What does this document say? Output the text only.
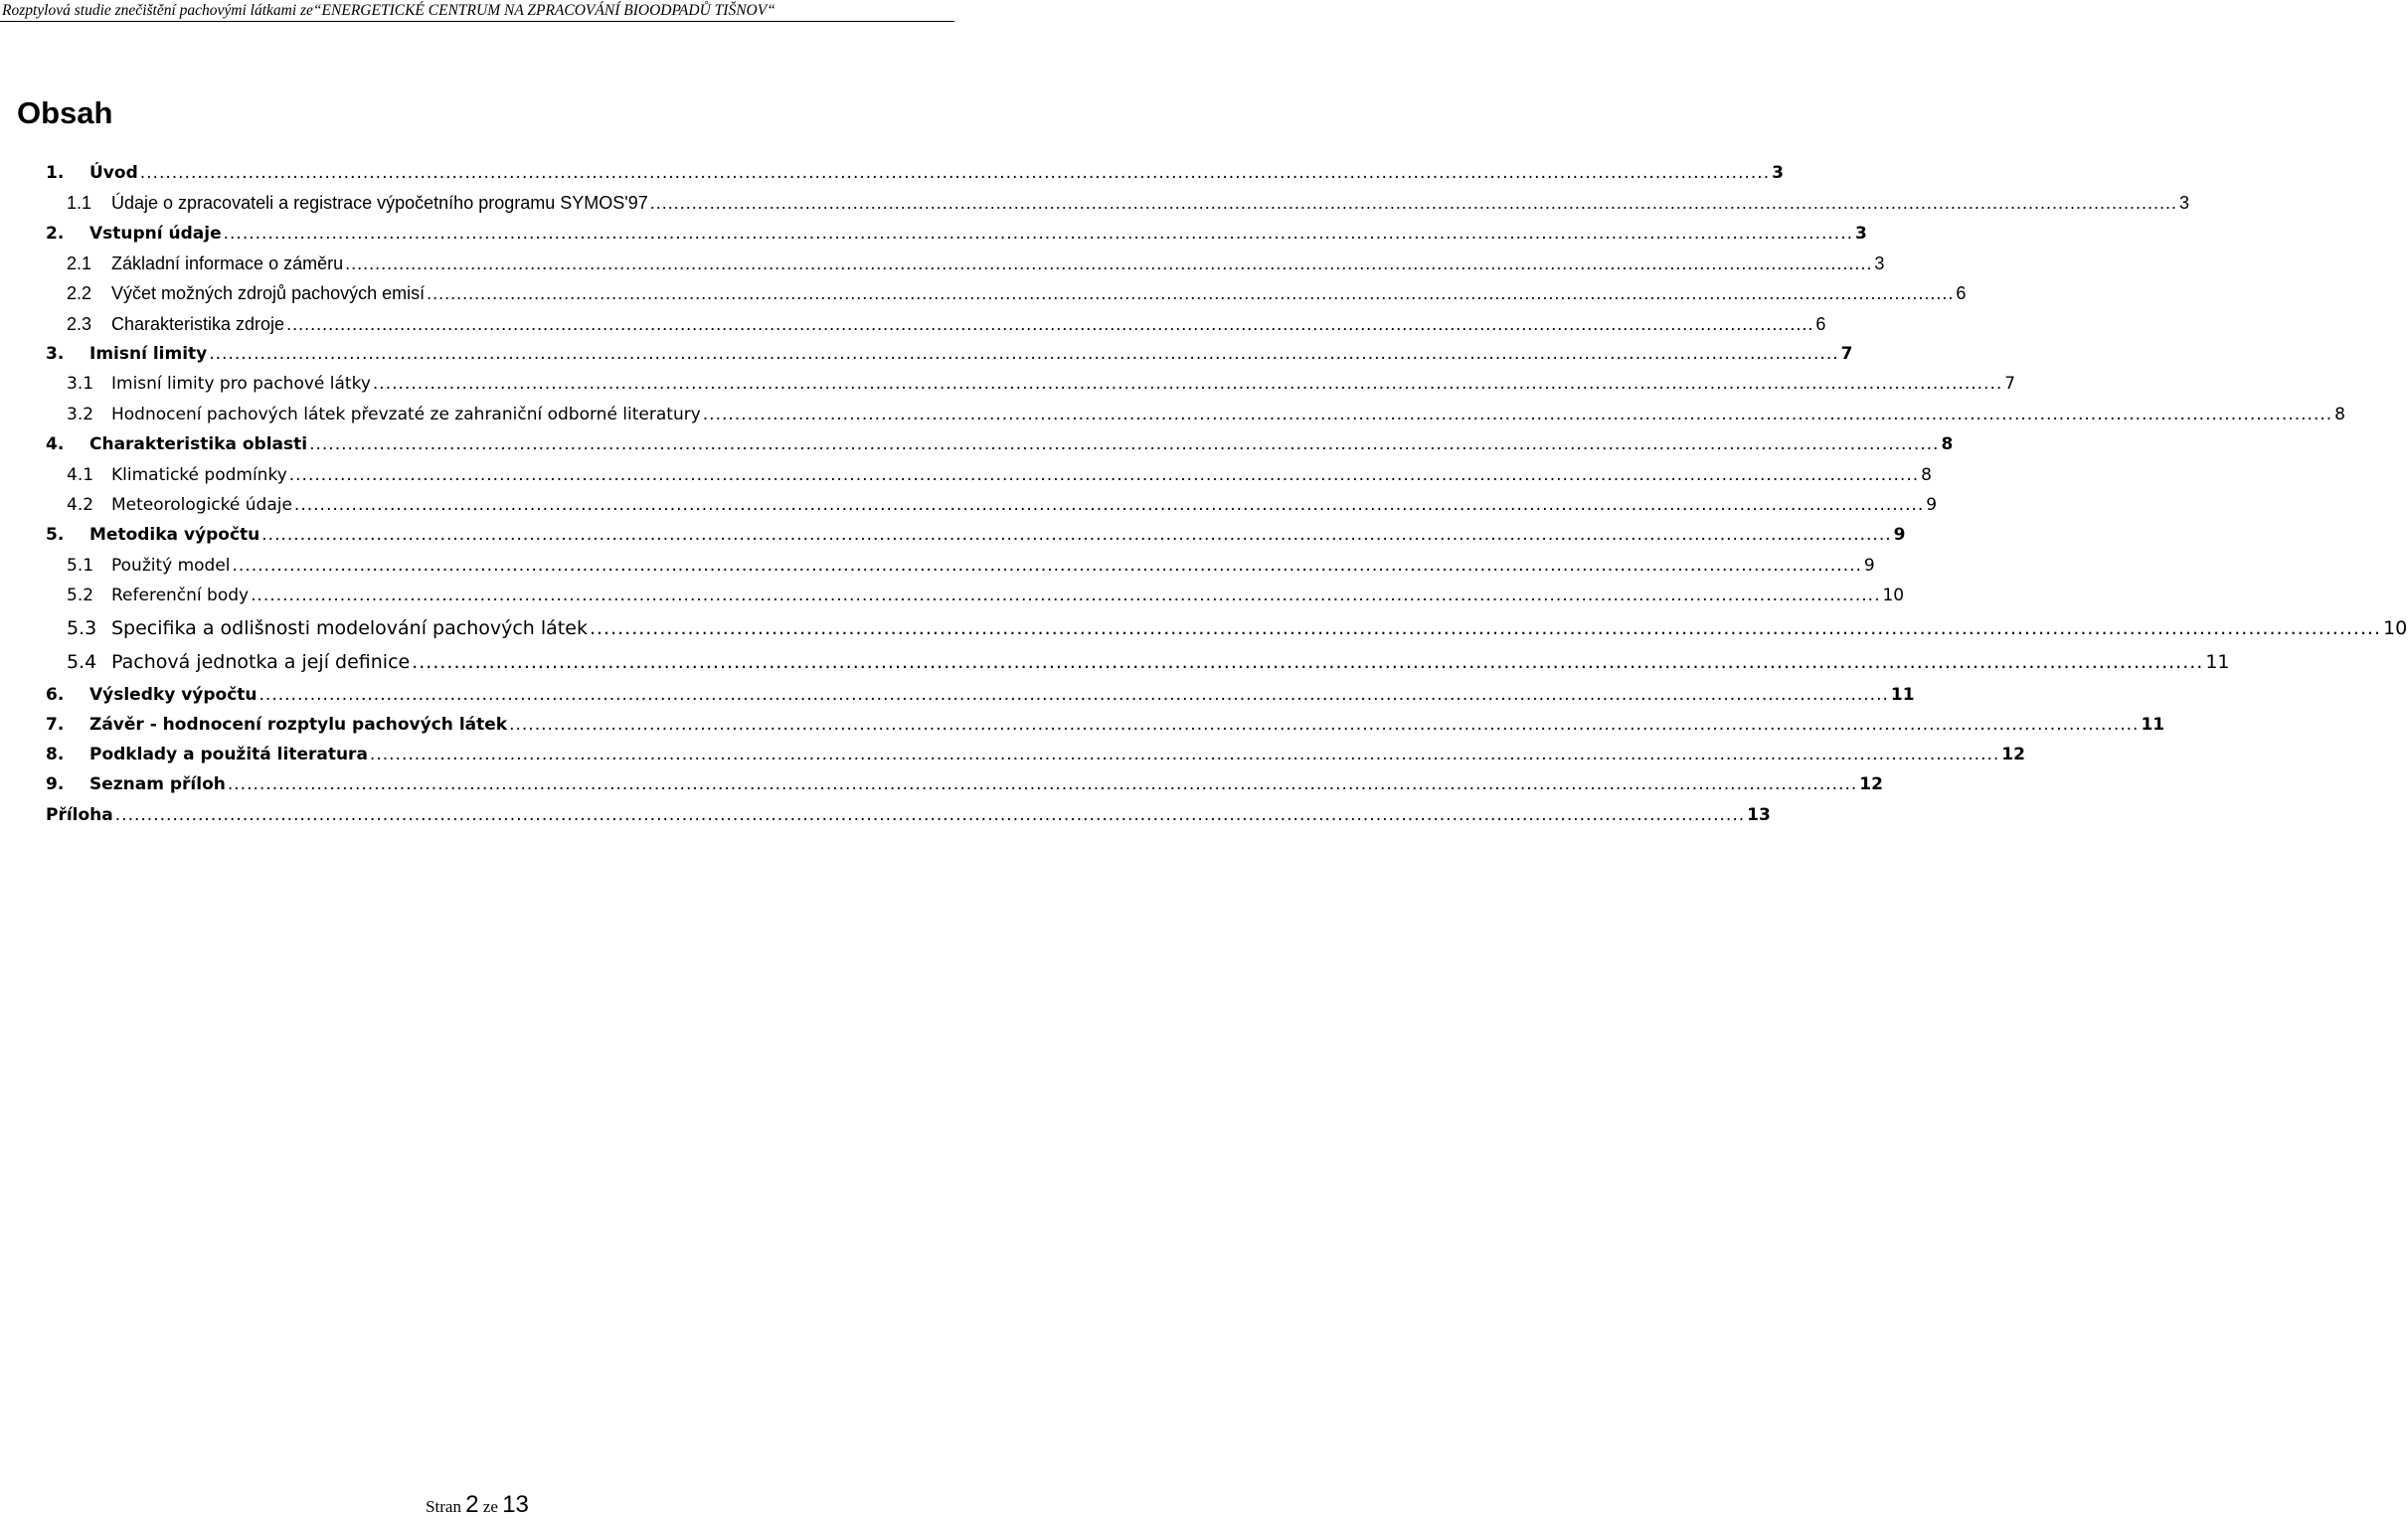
Rozptylová studie znečištění pachovými látkami ze“ENERGETICKÉ CENTRUM NA ZPRACOVÁNÍ BIOODPADŮ TIŠNOV“
Obsah
1.	Úvod .....	3
1.1	Údaje o zpracovateli a registrace výpočetního programu SYMOS'97 .....	3
2.	Vstupní údaje .....	3
2.1	Základní informace o záměru .....	3
2.2	Výčet možných zdrojů pachových emisí .....	6
2.3	Charakteristika zdroje .....	6
3.	Imisní limity .....	7
3.1	Imisní limity pro pachové látky .....	7
3.2	Hodnocení pachových látek převzaté ze zahraniční odborné literatury .....	8
4.	Charakteristika oblasti .....	8
4.1	Klimatické podmínky .....	8
4.2	Meteorologické údaje .....	9
5.	Metodika výpočtu .....	9
5.1	Použitý model .....	9
5.2	Referenční body .....	10
5.3 Specifika a odlišnosti modelování pachových látek .....	10
5.4 Pachová jednotka a její definice .....	11
6.	Výsledky výpočtu .....	11
7.	Závěr - hodnocení rozptylu pachových látek .....	11
8.	Podklady a použitá literatura .....	12
9.	Seznam příloh .....	12
Příloha .....	13
Stran 2 ze 13
